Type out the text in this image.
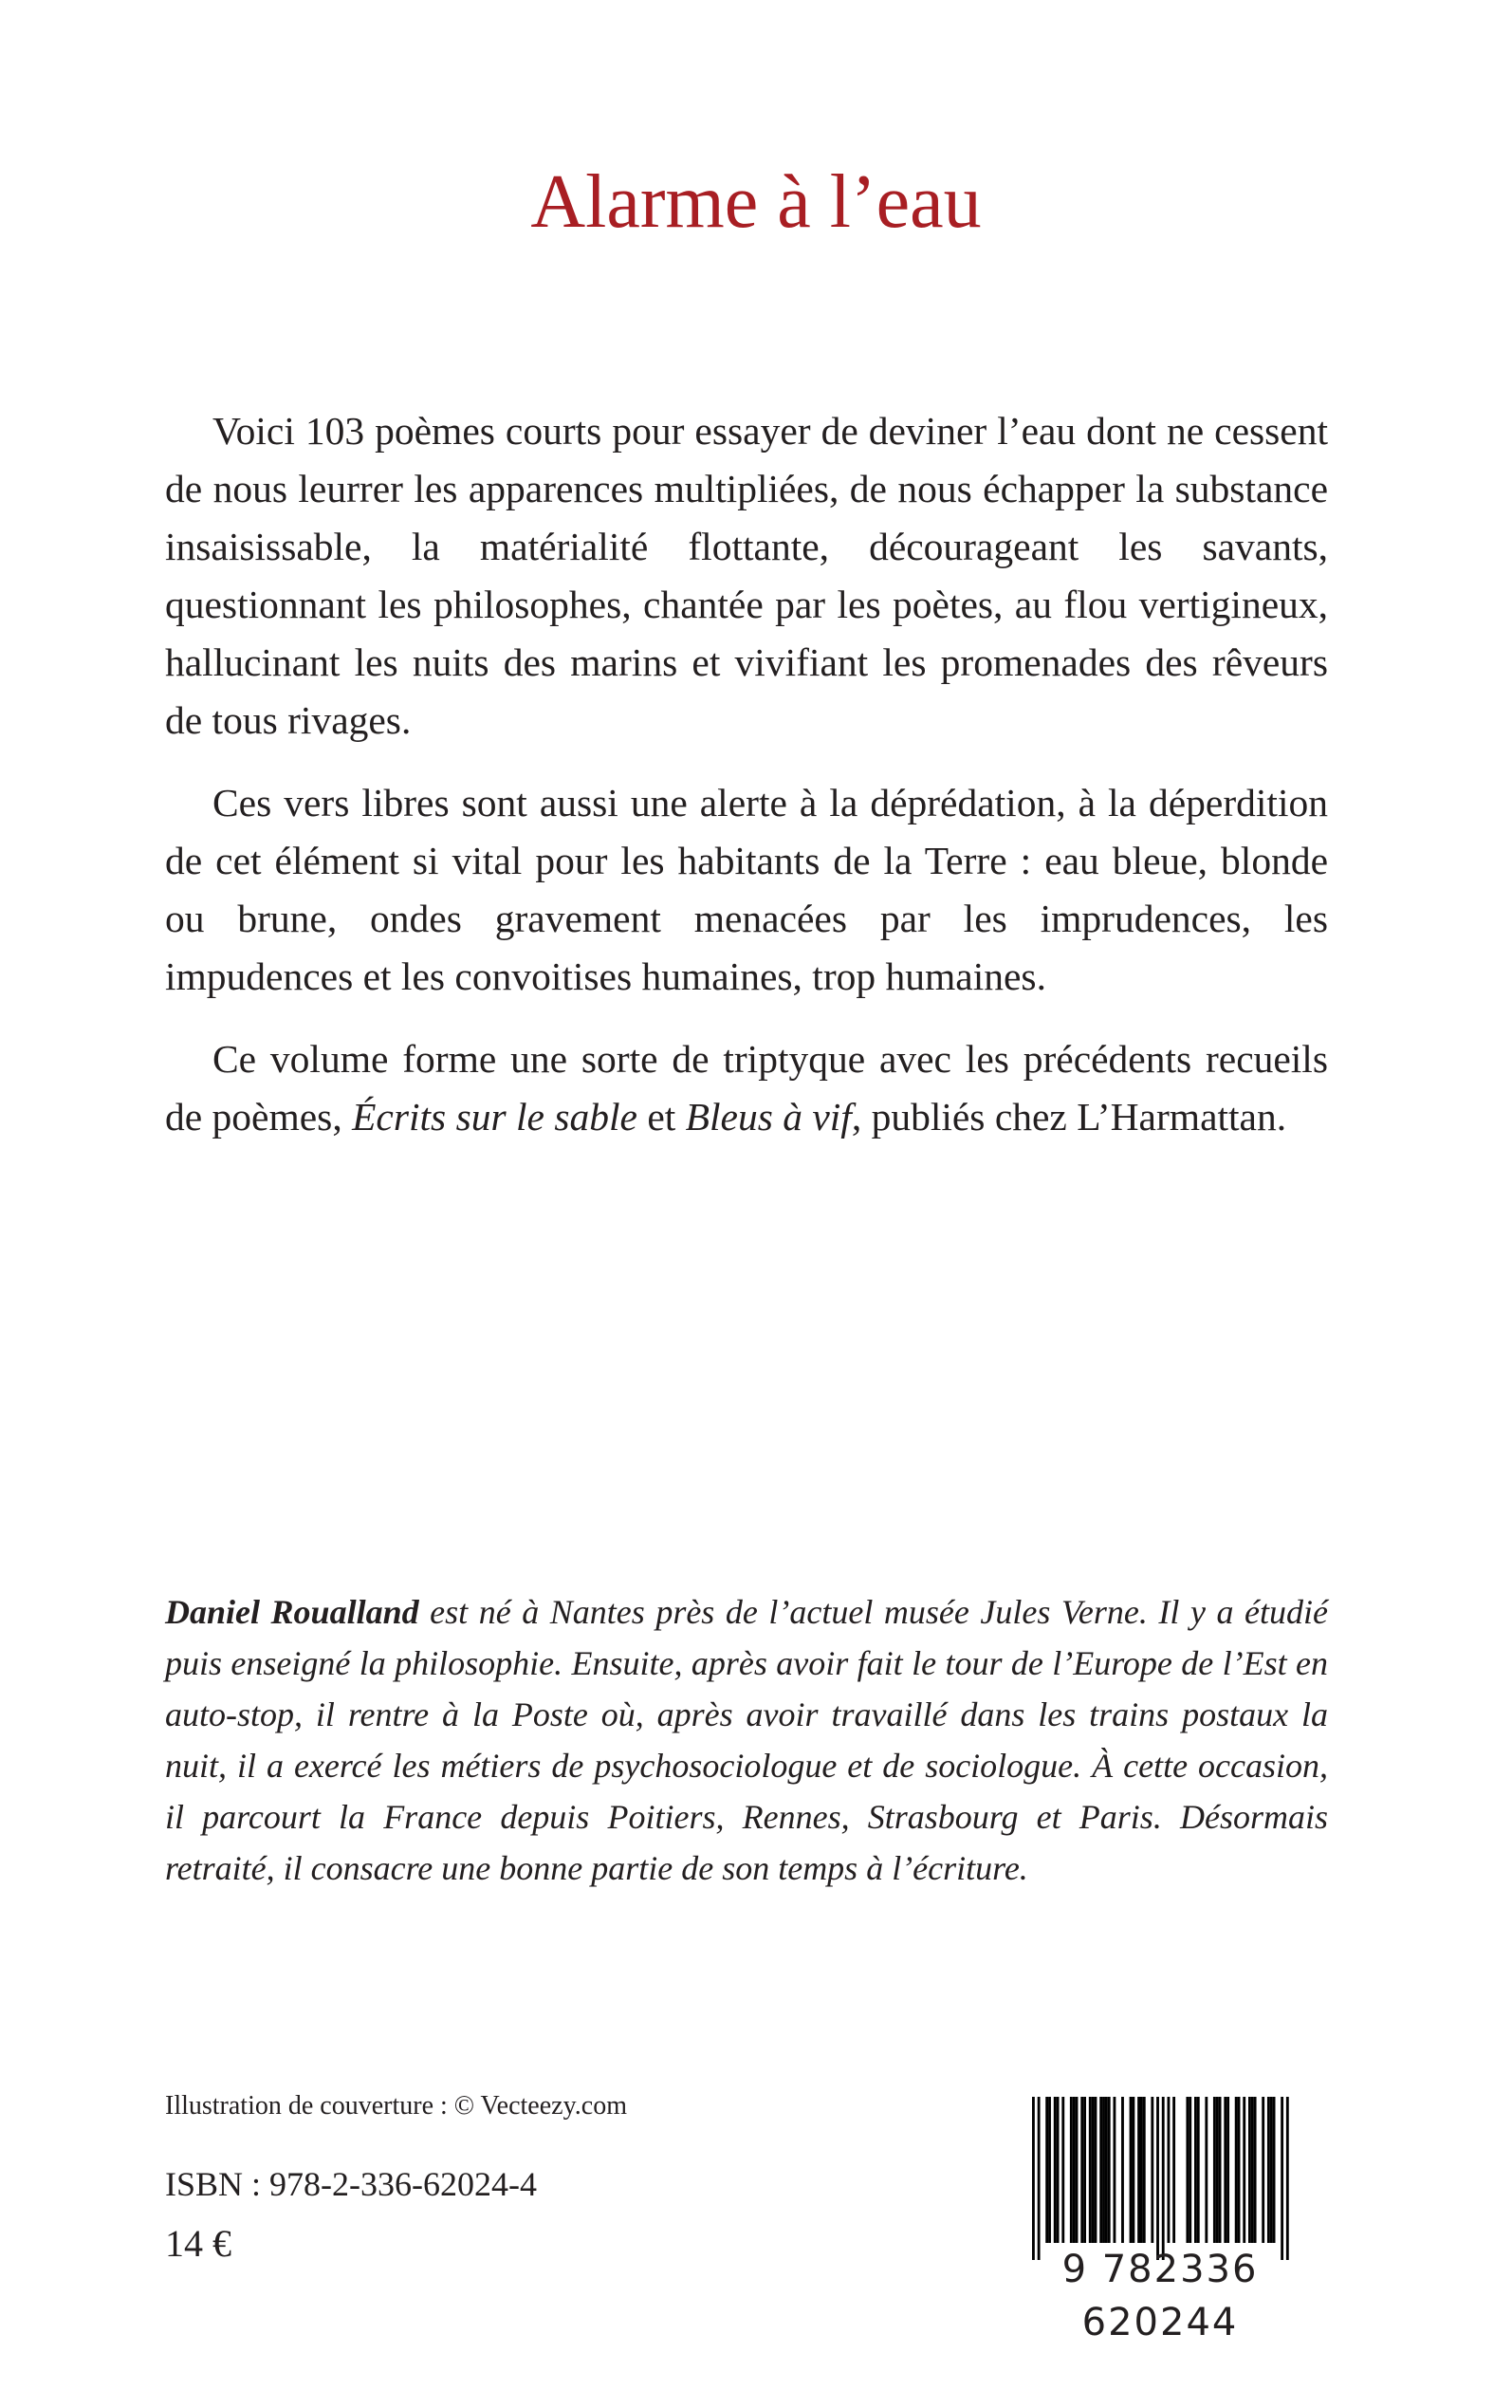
Alarme à l’eau

Voici 103 poèmes courts pour essayer de deviner l’eau dont ne cessent de nous leurrer les apparences multipliées, de nous échapper la substance insaisissable, la matérialité flottante, décourageant les savants, questionnant les philosophes, chantée par les poètes, au flou vertigineux, hallucinant les nuits des marins et vivifiant les promenades des rêveurs de tous rivages.

Ces vers libres sont aussi une alerte à la déprédation, à la déperdition de cet élément si vital pour les habitants de la Terre : eau bleue, blonde ou brune, ondes gravement menacées par les imprudences, les impudences et les convoitises humaines, trop humaines.

Ce volume forme une sorte de triptyque avec les précédents recueils de poèmes, Écrits sur le sable et Bleus à vif, publiés chez L’Harmattan.

Daniel Roualland est né à Nantes près de l’actuel musée Jules Verne. Il y a étudié puis enseigné la philosophie. Ensuite, après avoir fait le tour de l’Europe de l’Est en auto-stop, il rentre à la Poste où, après avoir travaillé dans les trains postaux la nuit, il a exercé les métiers de psychosociologue et de sociologue. À cette occasion, il parcourt la France depuis Poitiers, Rennes, Strasbourg et Paris. Désormais retraité, il consacre une bonne partie de son temps à l’écriture.
Illustration de couverture : © Vecteezy.com
ISBN : 978-2-336-62024-4
14 €
9 782336 620244
